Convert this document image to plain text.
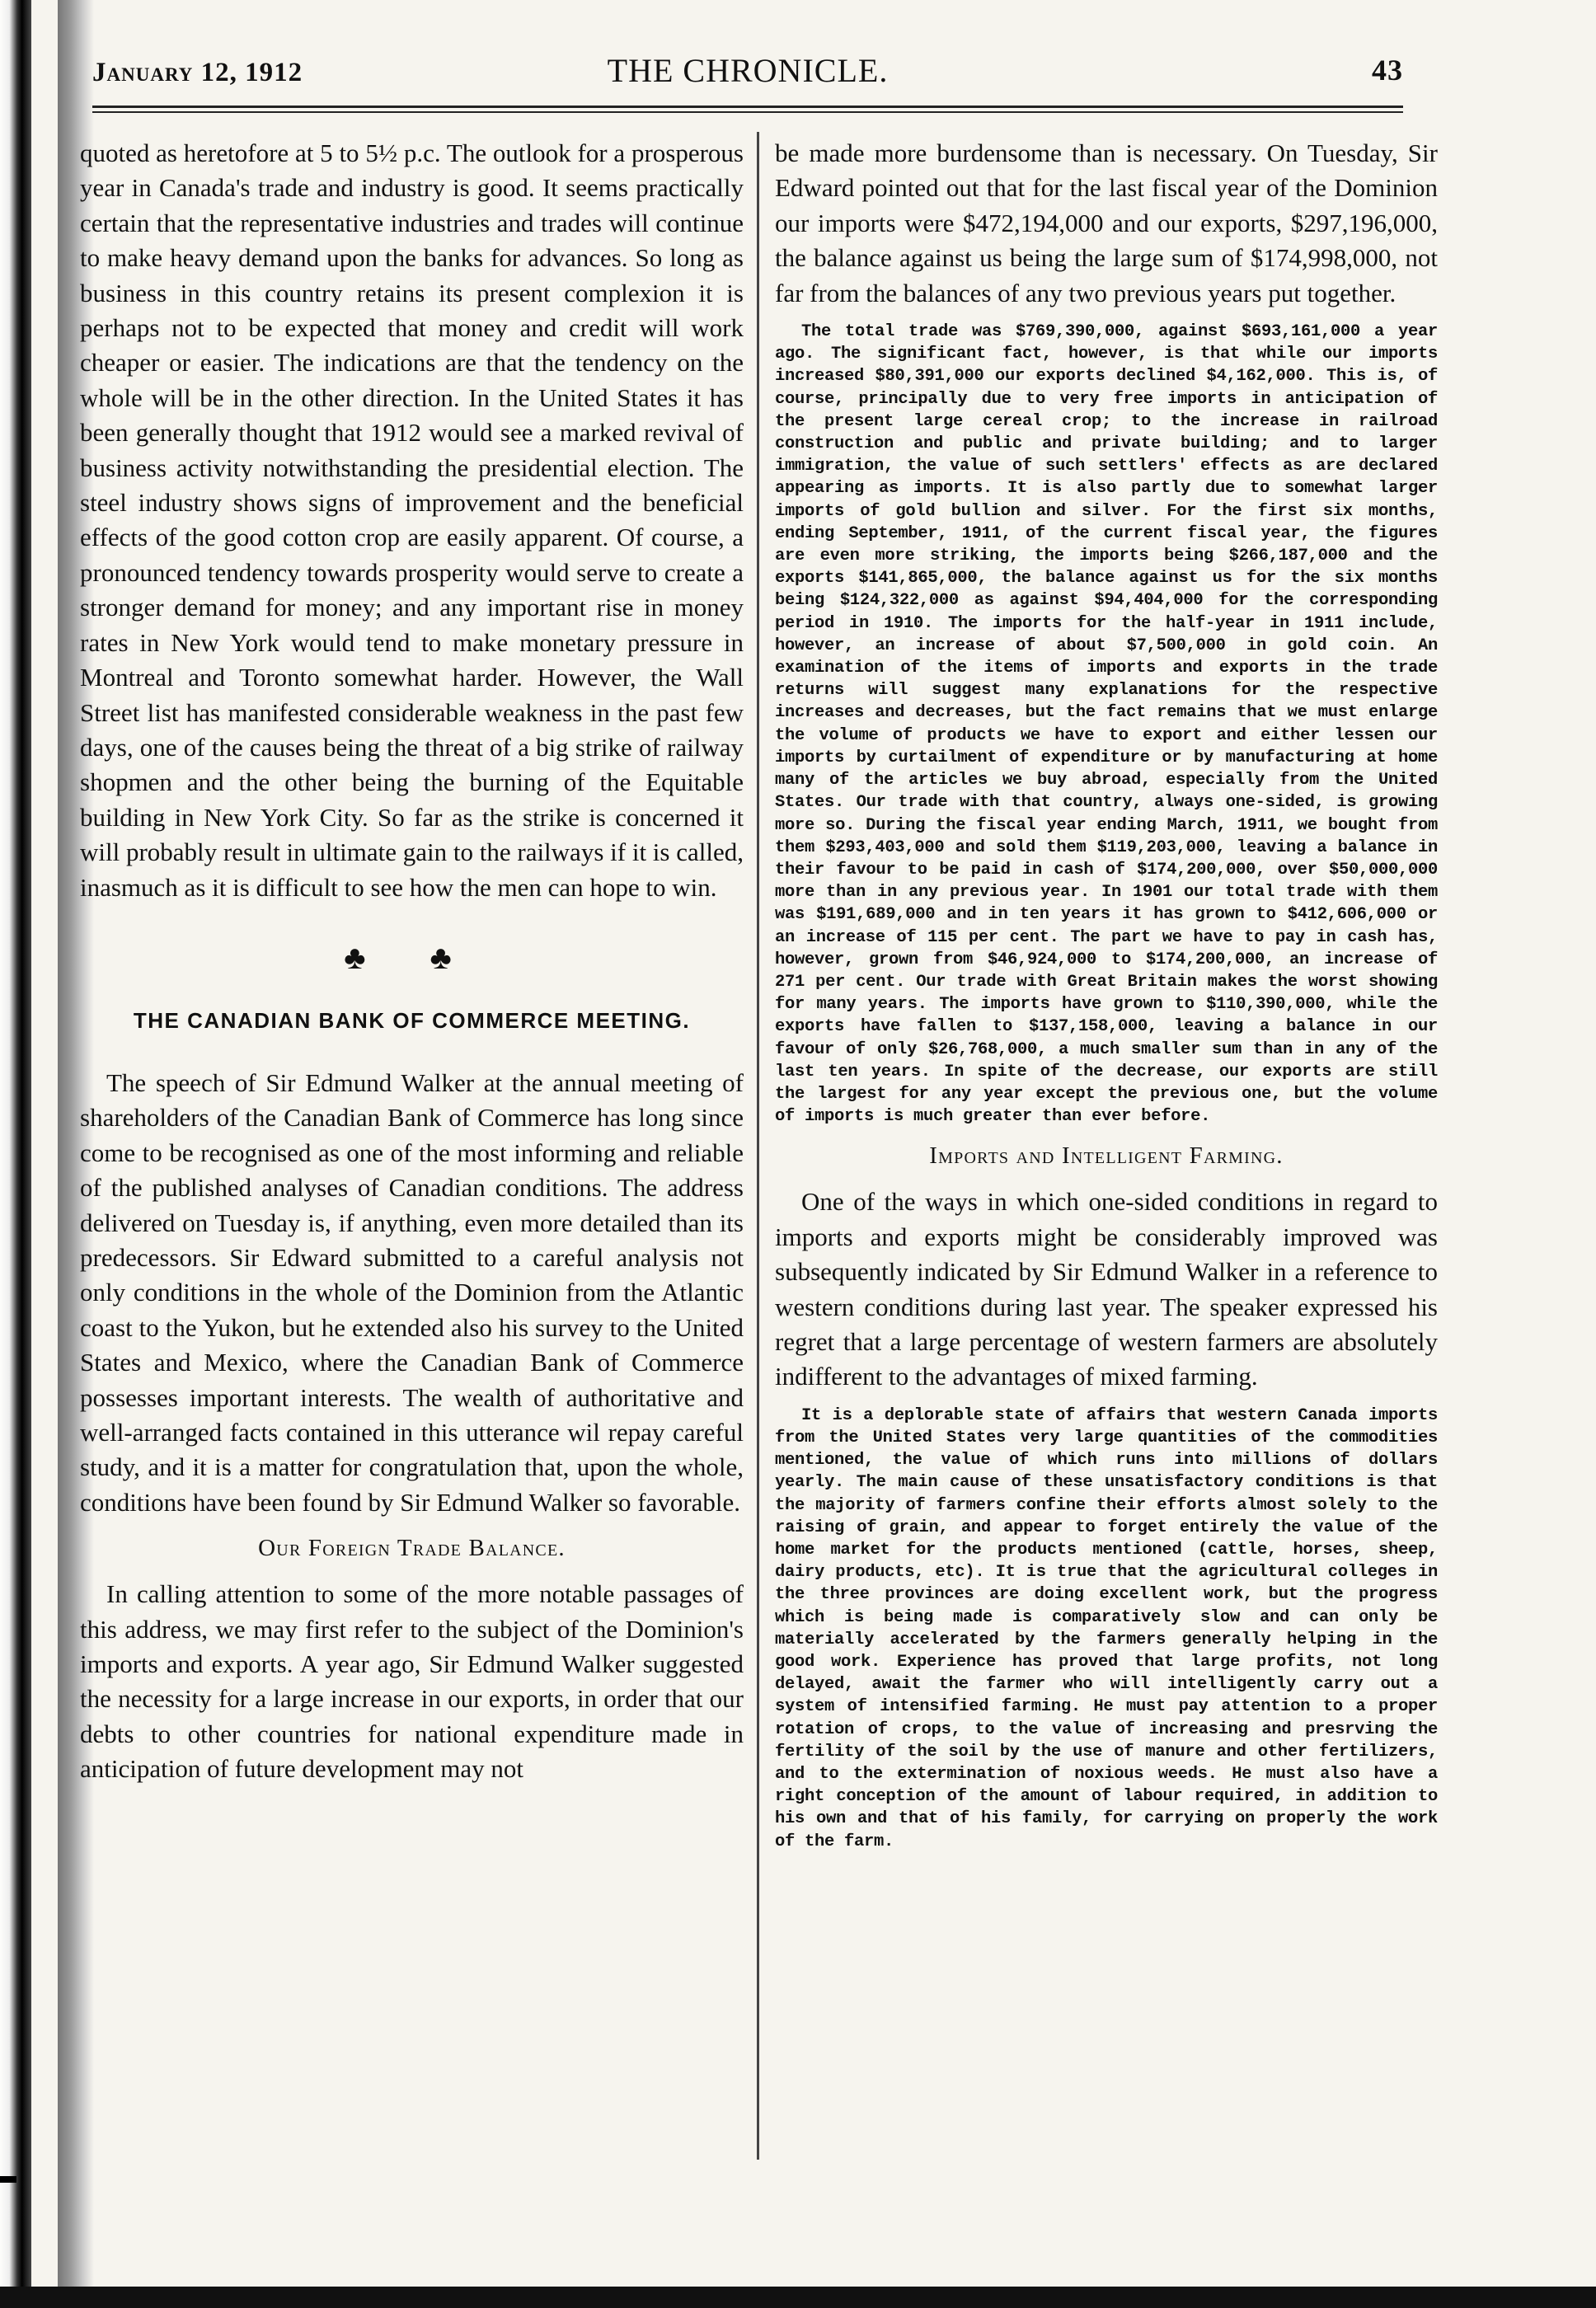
January 12, 1912	THE CHRONICLE.	43

quoted as heretofore at 5 to 5½ p.c. The outlook for a prosperous year in Canada's trade and industry is good. It seems practically certain that the representative industries and trades will continue to make heavy demand upon the banks for advances. So long as business in this country retains its present complexion it is perhaps not to be expected that money and credit will work cheaper or easier. The indications are that the tendency on the whole will be in the other direction. In the United States it has been generally thought that 1912 would see a marked revival of business activity notwithstanding the presidential election. The steel industry shows signs of improvement and the beneficial effects of the good cotton crop are easily apparent. Of course, a pronounced tendency towards prosperity would serve to create a stronger demand for money; and any important rise in money rates in New York would tend to make monetary pressure in Montreal and Toronto somewhat harder. However, the Wall Street list has manifested considerable weakness in the past few days, one of the causes being the threat of a big strike of railway shopmen and the other being the burning of the Equitable building in New York City. So far as the strike is concerned it will probably result in ultimate gain to the railways if it is called, inasmuch as it is difficult to see how the men can hope to win.

♣ ♣
THE CANADIAN BANK OF COMMERCE MEETING.

The speech of Sir Edmund Walker at the annual meeting of shareholders of the Canadian Bank of Commerce has long since come to be recognised as one of the most informing and reliable of the published analyses of Canadian conditions. The address delivered on Tuesday is, if anything, even more detailed than its predecessors. Sir Edward submitted to a careful analysis not only conditions in the whole of the Dominion from the Atlantic coast to the Yukon, but he extended also his survey to the United States and Mexico, where the Canadian Bank of Commerce possesses important interests. The wealth of authoritative and well-arranged facts contained in this utterance wil repay careful study, and it is a matter for congratulation that, upon the whole, conditions have been found by Sir Edmund Walker so favorable.

Our Foreign Trade Balance.

In calling attention to some of the more notable passages of this address, we may first refer to the subject of the Dominion's imports and exports. A year ago, Sir Edmund Walker suggested the necessity for a large increase in our exports, in order that our debts to other countries for national expenditure made in anticipation of future development may not

be made more burdensome than is necessary. On Tuesday, Sir Edward pointed out that for the last fiscal year of the Dominion our imports were $472,194,000 and our exports, $297,196,000, the balance against us being the large sum of $174,998,000, not far from the balances of any two previous years put together.

The total trade was $769,390,000, against $693,161,000 a year ago. The significant fact, however, is that while our imports increased $80,391,000 our exports declined $4,162,000. This is, of course, principally due to very free imports in anticipation of the present large cereal crop; to the increase in railroad construction and public and private building; and to larger immigration, the value of such settlers' effects as are declared appearing as imports. It is also partly due to somewhat larger imports of gold bullion and silver. For the first six months, ending September, 1911, of the current fiscal year, the figures are even more striking, the imports being $266,187,000 and the exports $141,865,000, the balance against us for the six months being $124,322,000 as against $94,404,000 for the corresponding period in 1910. The imports for the half-year in 1911 include, however, an increase of about $7,500,000 in gold coin. An examination of the items of imports and exports in the trade returns will suggest many explanations for the respective increases and decreases, but the fact remains that we must enlarge the volume of products we have to export and either lessen our imports by curtailment of expenditure or by manufacturing at home many of the articles we buy abroad, especially from the United States. Our trade with that country, always one-sided, is growing more so. During the fiscal year ending March, 1911, we bought from them $293,403,000 and sold them $119,203,000, leaving a balance in their favour to be paid in cash of $174,200,000, over $50,000,000 more than in any previous year. In 1901 our total trade with them was $191,689,000 and in ten years it has grown to $412,606,000 or an increase of 115 per cent. The part we have to pay in cash has, however, grown from $46,924,000 to $174,200,000, an increase of 271 per cent. Our trade with Great Britain makes the worst showing for many years. The imports have grown to $110,390,000, while the exports have fallen to $137,158,000, leaving a balance in our favour of only $26,768,000, a much smaller sum than in any of the last ten years. In spite of the decrease, our exports are still the largest for any year except the previous one, but the volume of imports is much greater than ever before.

Imports and Intelligent Farming.

One of the ways in which one-sided conditions in regard to imports and exports might be considerably improved was subsequently indicated by Sir Edmund Walker in a reference to western conditions during last year. The speaker expressed his regret that a large percentage of western farmers are absolutely indifferent to the advantages of mixed farming.

It is a deplorable state of affairs that western Canada imports from the United States very large quantities of the commodities mentioned, the value of which runs into millions of dollars yearly. The main cause of these unsatisfactory conditions is that the majority of farmers confine their efforts almost solely to the raising of grain, and appear to forget entirely the value of the home market for the products mentioned (cattle, horses, sheep, dairy products, etc). It is true that the agricultural colleges in the three provinces are doing excellent work, but the progress which is being made is comparatively slow and can only be materially accelerated by the farmers generally helping in the good work. Experience has proved that large profits, not long delayed, await the farmer who will intelligently carry out a system of intensified farming. He must pay attention to a proper rotation of crops, to the value of increasing and presrving the fertility of the soil by the use of manure and other fertilizers, and to the extermination of noxious weeds. He must also have a right conception of the amount of labour required, in addition to his own and that of his family, for carrying on properly the work of the farm.
